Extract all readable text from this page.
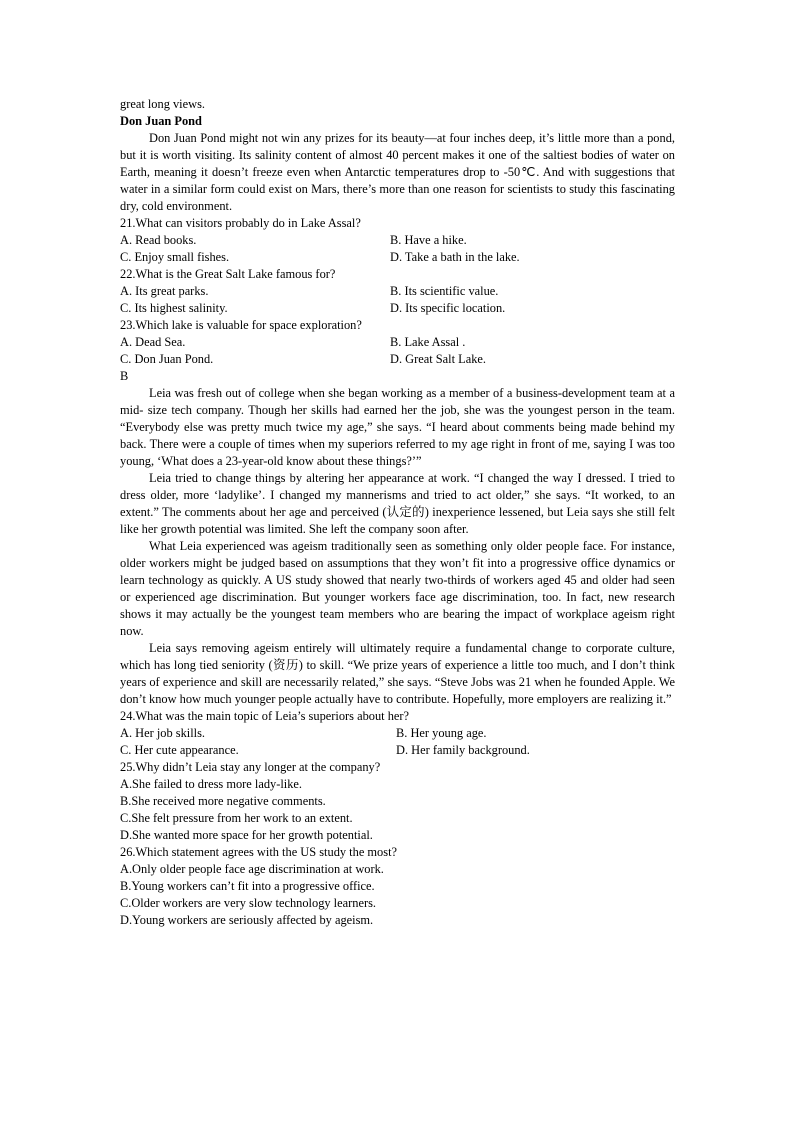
great long views.

Don Juan Pond

Don Juan Pond might not win any prizes for its beauty—at four inches deep, it’s little more than a pond, but it is worth visiting. Its salinity content of almost 40 percent makes it one of the saltiest bodies of water on Earth, meaning it doesn’t freeze even when Antarctic temperatures drop to -50℃. And with suggestions that water in a similar form could exist on Mars, there’s more than one reason for scientists to study this fascinating dry, cold environment.

21.What can visitors probably do in Lake Assal?

A. Read books.	B. Have a hike.
C. Enjoy small fishes.	D. Take a bath in the lake.

22.What is the Great Salt Lake famous for?

A. Its great parks.	B. Its scientific value.
C. Its highest salinity.	D. Its specific location.

23.Which lake is valuable for space exploration?

A. Dead Sea.	B. Lake Assal .
C. Don Juan Pond.	D. Great Salt Lake.

B

Leia was fresh out of college when she began working as a member of a business-development team at a mid- size tech company. Though her skills had earned her the job, she was the youngest person in the team. “Everybody else was pretty much twice my age,” she says. “I heard about comments being made behind my back. There were a couple of times when my superiors referred to my age right in front of me, saying I was too young, ‘What does a 23-year-old know about these things?’”

Leia tried to change things by altering her appearance at work. “I changed the way I dressed. I tried to dress older, more ‘ladylike’. I changed my mannerisms and tried to act older,” she says. “It worked, to an extent.” The comments about her age and perceived (认定的) inexperience lessened, but Leia says she still felt like her growth potential was limited. She left the company soon after.

What Leia experienced was ageism traditionally seen as something only older people face. For instance, older workers might be judged based on assumptions that they won’t fit into a progressive office dynamics or learn technology as quickly. A US study showed that nearly two-thirds of workers aged 45 and older had seen or experienced age discrimination. But younger workers face age discrimination, too. In fact, new research shows it may actually be the youngest team members who are bearing the impact of workplace ageism right now.

Leia says removing ageism entirely will ultimately require a fundamental change to corporate culture, which has long tied seniority (资历) to skill. “We prize years of experience a little too much, and I don’t think years of experience and skill are necessarily related,” she says. “Steve Jobs was 21 when he founded Apple. We don’t know how much younger people actually have to contribute. Hopefully, more employers are realizing it.”

24.What was the main topic of Leia’s superiors about her?

A. Her job skills.	B. Her young age.
C. Her cute appearance.	D. Her family background.

25.Why didn’t Leia stay any longer at the company?

A.She failed to dress more lady-like.

B.She received more negative comments.

C.She felt pressure from her work to an extent.

D.She wanted more space for her growth potential.

26.Which statement agrees with the US study the most?

A.Only older people face age discrimination at work.

B.Young workers can’t fit into a progressive office.

C.Older workers are very slow technology learners.

D.Young workers are seriously affected by ageism.
